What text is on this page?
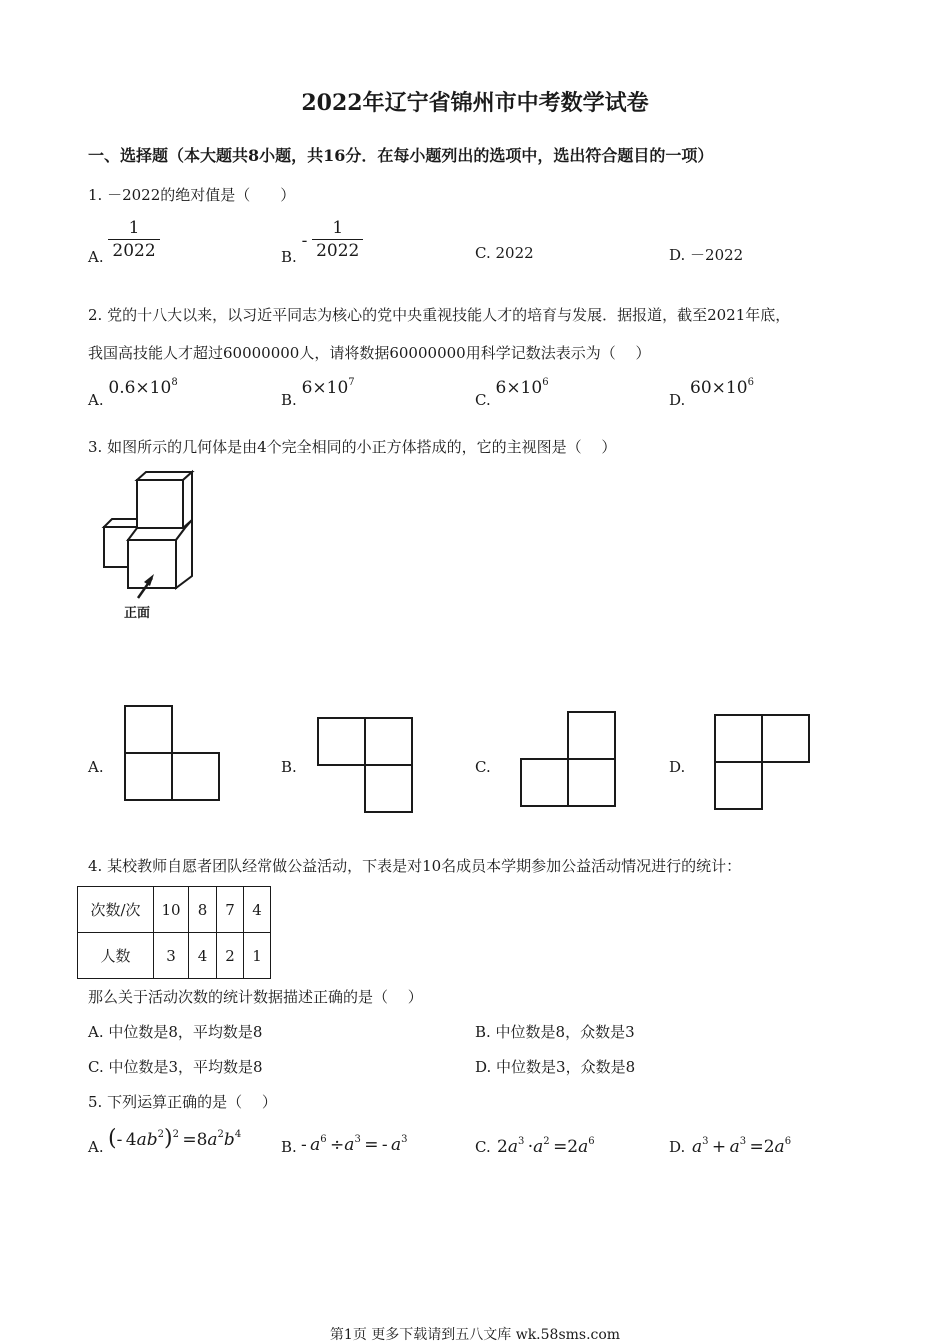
2022年辽宁省锦州市中考数学试卷
一、选择题（本大题共8小题，共16分．在每小题列出的选项中，选出符合题目的一项）
1. －2022的绝对值是（　　）
A. $\frac{1}{2022}$	B. - $\frac{1}{2022}$	C. 2022	D. －2022
2. 党的十八大以来，以习近平同志为核心的党中央重视技能人才的培育与发展．据报道，截至2021年底，
我国高技能人才超过60000000人，请将数据60000000用科学记数法表示为（　 ）
A. $0.6\times 10^8$
B. $6\times 10^7$
C. $6\times 10^6$
D. $60\times 10^6$
3. 如图所示的几何体是由4个完全相同的小正方体搭成的，它的主视图是（　 ）
正面
A.	B.	C.	D.
4. 某校教师自愿者团队经常做公益活动，下表是对10名成员本学期参加公益活动情况进行的统计：
次数/次	10	8	7	4
人数	3	4	2	1
那么关于活动次数的统计数据描述正确的是（　 ）
A. 中位数是8，平均数是8	B. 中位数是8，众数是3
C. 中位数是3，平均数是8	D. 中位数是3，众数是8
5. 下列运算正确的是（　 ）
A. (- $4ab^2)^2 =8a^2b^4$
B. - $a^6 \div a^3$ = - $a^3$	C. $2a^3 \cdot a^2 =2a^6$	D. $a^3 + a^3 =2a^6$
第1页 更多下载请到五八文库 wk.58sms.com
